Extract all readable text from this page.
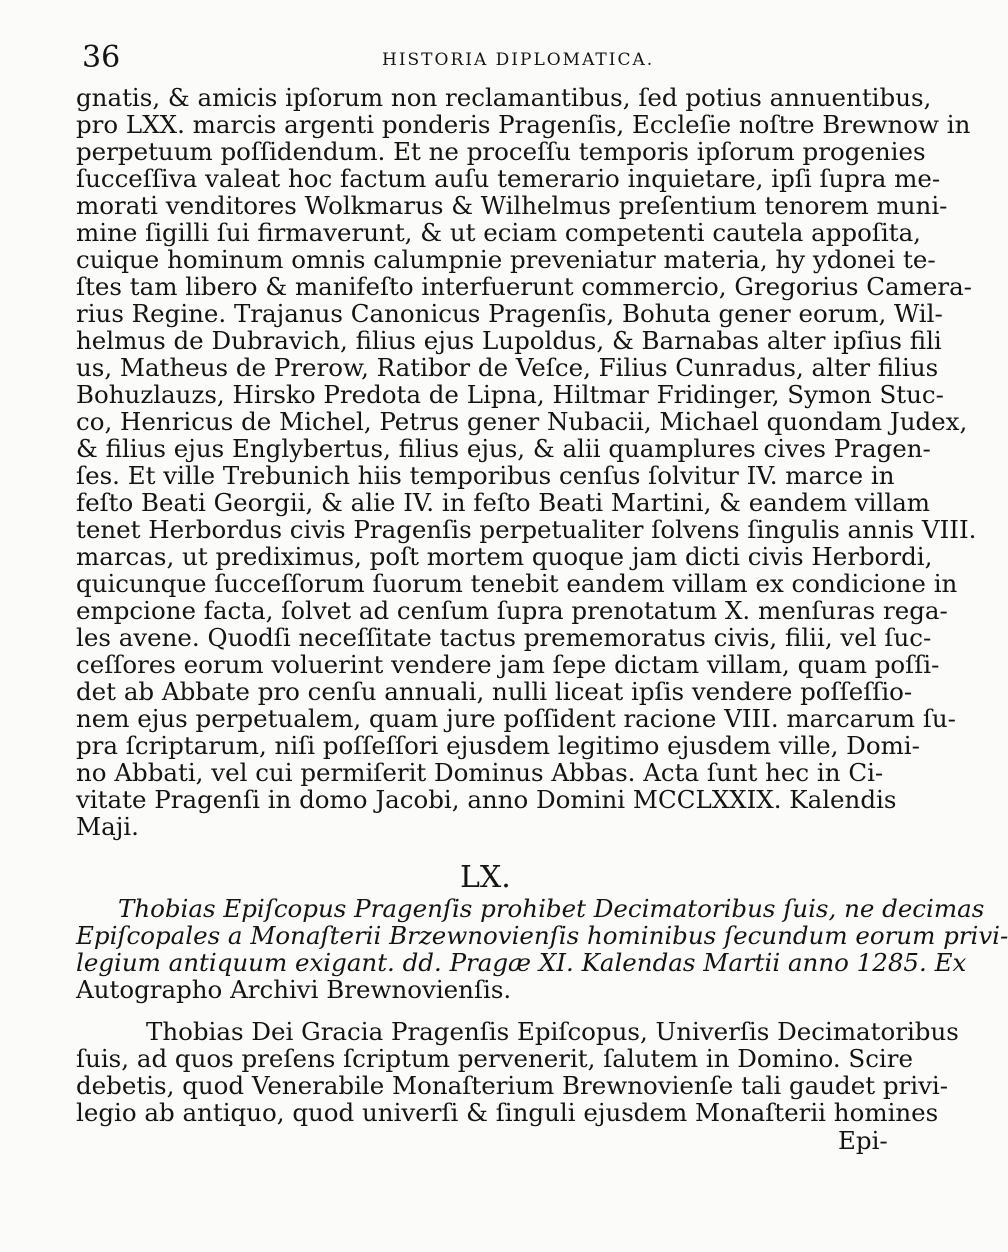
36	HISTORIA DIPLOMATICA.
gnatis, & amicis ipſorum non reclamantibus, ſed potius annuentibus,
pro LXX. marcis argenti ponderis Pragenſis, Eccleſie noſtre Brewnow in
perpetuum poſſidendum. Et ne proceſſu temporis ipſorum progenies
ſucceſſiva valeat hoc factum auſu temerario inquietare, ipſi ſupra me-
morati venditores Wolkmarus & Wilhelmus preſentium tenorem muni-
mine ſigilli ſui firmaverunt, & ut eciam competenti cautela appoſita,
cuique hominum omnis calumpnie preveniatur materia, hy ydonei te-
ſtes tam libero & manifeſto interfuerunt commercio, Gregorius Camera-
rius Regine. Trajanus Canonicus Pragenſis, Bohuta gener eorum, Wil-
helmus de Dubravich, filius ejus Lupoldus, & Barnabas alter ipſius fili
us, Matheus de Prerow, Ratibor de Veſce, Filius Cunradus, alter filius
Bohuzlauzs, Hirsko Predota de Lipna, Hiltmar Fridinger, Symon Stuc-
co, Henricus de Michel, Petrus gener Nubacii, Michael quondam Judex,
& filius ejus Englybertus, filius ejus, & alii quamplures cives Pragen-
ſes. Et ville Trebunich hiis temporibus cenſus ſolvitur IV. marce in
feſto Beati Georgii, & alie IV. in feſto Beati Martini, & eandem villam
tenet Herbordus civis Pragenſis perpetualiter ſolvens ſingulis annis VIII.
marcas, ut prediximus, poſt mortem quoque jam dicti civis Herbordi,
quicunque ſucceſſorum ſuorum tenebit eandem villam ex condicione in
empcione facta, ſolvet ad cenſum ſupra prenotatum X. menſuras rega-
les avene. Quodſi neceſſitate tactus prememoratus civis, filii, vel ſuc-
ceſſores eorum voluerint vendere jam ſepe dictam villam, quam poſſi-
det ab Abbate pro cenſu annuali, nulli liceat ipſis vendere poſſeſſio-
nem ejus perpetualem, quam jure poſſident racione VIII. marcarum ſu-
pra ſcriptarum, niſi poſſeſſori ejusdem legitimo ejusdem ville, Domi-
no Abbati, vel cui permiſerit Dominus Abbas. Acta ſunt hec in Ci-
vitate Pragenſi in domo Jacobi, anno Domini MCCLXXIX. Kalendis
Maji.
LX.
Thobias Epiſcopus Pragenſis prohibet Decimatoribus ſuis, ne decimas
Epiſcopales a Monaſterii Brzewnovienſis hominibus ſecundum eorum privi-
legium antiquum exigant. dd. Pragæ XI. Kalendas Martii anno 1285. Ex
Autographo Archivi Brewnovienſis.
Thobias Dei Gracia Pragenſis Epiſcopus, Univerſis Decimatoribus
ſuis, ad quos preſens ſcriptum pervenerit, ſalutem in Domino. Scire
debetis, quod Venerabile Monaſterium Brewnovienſe tali gaudet privi-
legio ab antiquo, quod univerſi & ſinguli ejusdem Monaſterii homines
Epi-
